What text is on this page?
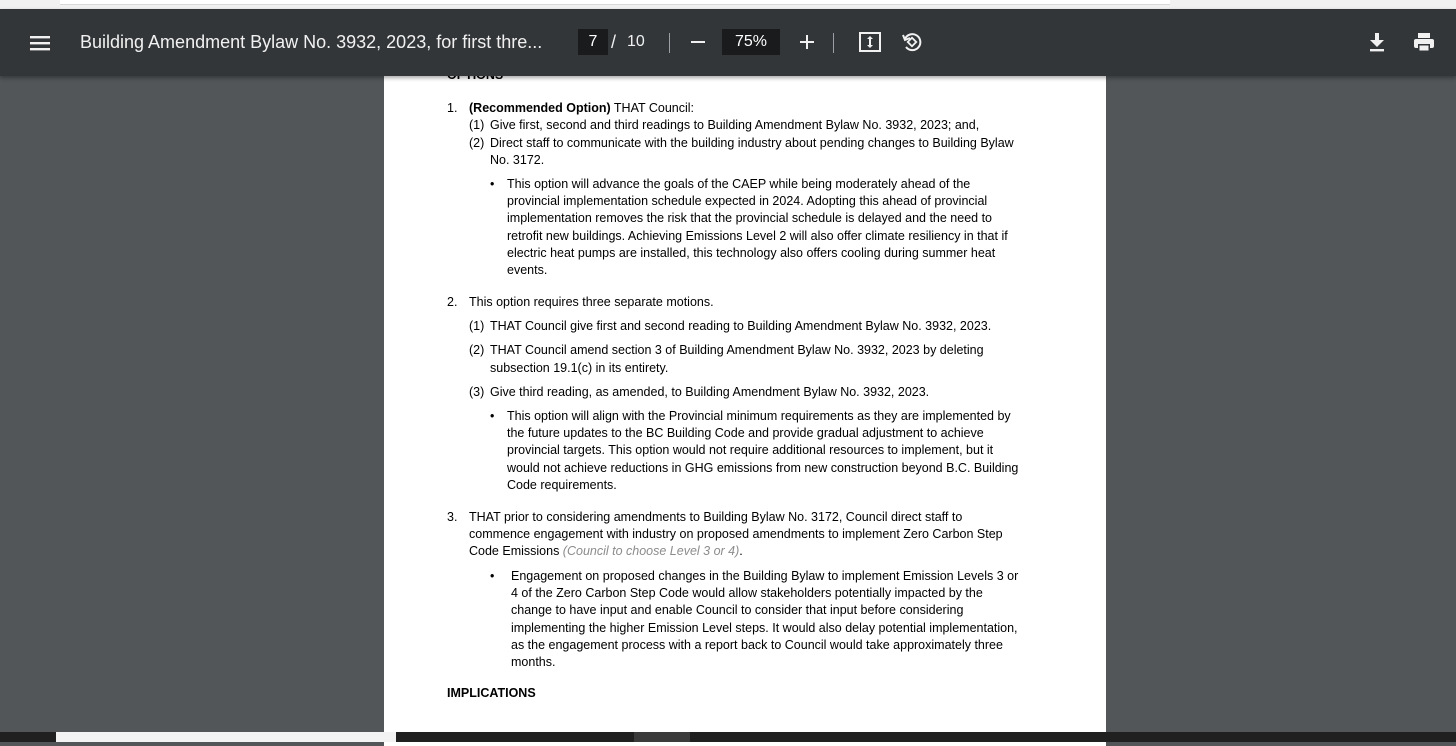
Building Amendment Bylaw No. 3932, 2023, for first thre...	7 / 10	75%
1. (Recommended Option) THAT Council:
(1) Give first, second and third readings to Building Amendment Bylaw No. 3932, 2023; and,
(2) Direct staff to communicate with the building industry about pending changes to Building Bylaw
No. 3172.
• This option will advance the goals of the CAEP while being moderately ahead of the
provincial implementation schedule expected in 2024. Adopting this ahead of provincial
implementation removes the risk that the provincial schedule is delayed and the need to
retrofit new buildings. Achieving Emissions Level 2 will also offer climate resiliency in that if
electric heat pumps are installed, this technology also offers cooling during summer heat
events.
2. This option requires three separate motions.
(1) THAT Council give first and second reading to Building Amendment Bylaw No. 3932, 2023.
(2) THAT Council amend section 3 of Building Amendment Bylaw No. 3932, 2023 by deleting
subsection 19.1(c) in its entirety.
(3) Give third reading, as amended, to Building Amendment Bylaw No. 3932, 2023.
• This option will align with the Provincial minimum requirements as they are implemented by
the future updates to the BC Building Code and provide gradual adjustment to achieve
provincial targets. This option would not require additional resources to implement, but it
would not achieve reductions in GHG emissions from new construction beyond B.C. Building
Code requirements.
3. THAT prior to considering amendments to Building Bylaw No. 3172, Council direct staff to
commence engagement with industry on proposed amendments to implement Zero Carbon Step
Code Emissions (Council to choose Level 3 or 4).
• Engagement on proposed changes in the Building Bylaw to implement Emission Levels 3 or
4 of the Zero Carbon Step Code would allow stakeholders potentially impacted by the
change to have input and enable Council to consider that input before considering
implementing the higher Emission Level steps. It would also delay potential implementation,
as the engagement process with a report back to Council would take approximately three
months.
IMPLICATIONS
